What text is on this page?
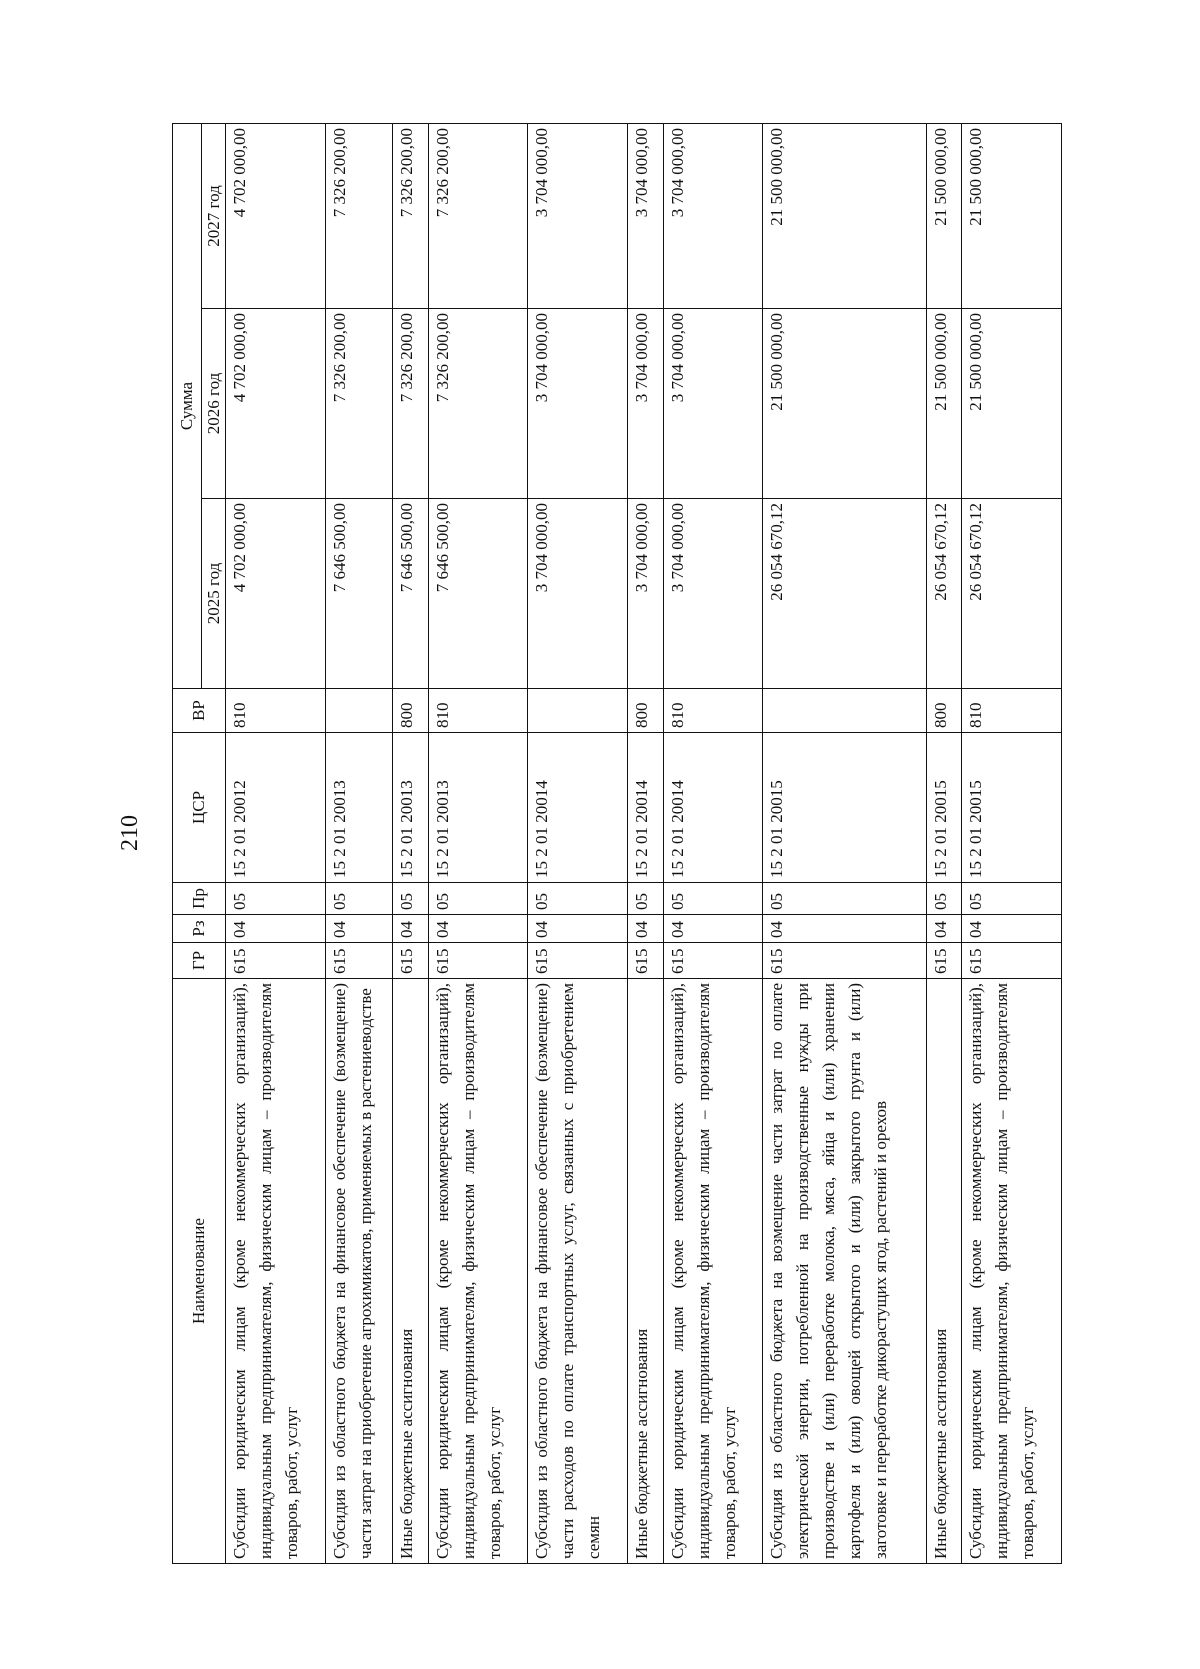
210
Наименование	ГР	Рз	Пр	ЦСР	ВР	Сумма		
						2025 год	2026 год	2027 год
Субсидии юридическим лицам (кроме некоммерческих организаций), индивидуальным предпринимателям, физическим лицам – производителям товаров, работ, услуг	615	04	05	15 2 01 20012	810	4 702 000,00	4 702 000,00	4 702 000,00
Субсидия из областного бюджета на финансовое обеспечение (возмещение) части затрат на приобретение агрохимикатов, применяемых в растениеводстве	615	04	05	15 2 01 20013		7 646 500,00	7 326 200,00	7 326 200,00
Иные бюджетные ассигнования	615	04	05	15 2 01 20013	800	7 646 500,00	7 326 200,00	7 326 200,00
Субсидии юридическим лицам (кроме некоммерческих организаций), индивидуальным предпринимателям, физическим лицам – производителям товаров, работ, услуг	615	04	05	15 2 01 20013	810	7 646 500,00	7 326 200,00	7 326 200,00
Субсидия из областного бюджета на финансовое обеспечение (возмещение) части расходов по оплате транспортных услуг, связанных с приобретением семян	615	04	05	15 2 01 20014		3 704 000,00	3 704 000,00	3 704 000,00
Иные бюджетные ассигнования	615	04	05	15 2 01 20014	800	3 704 000,00	3 704 000,00	3 704 000,00
Субсидии юридическим лицам (кроме некоммерческих организаций), индивидуальным предпринимателям, физическим лицам – производителям товаров, работ, услуг	615	04	05	15 2 01 20014	810	3 704 000,00	3 704 000,00	3 704 000,00
Субсидия из областного бюджета на возмещение части затрат по оплате электрической энергии, потребленной на производственные нужды при производстве и (или) переработке молока, мяса, яйца и (или) хранении картофеля и (или) овощей открытого и (или) закрытого грунта и (или) заготовке и переработке дикорастущих ягод, растений и орехов	615	04	05	15 2 01 20015		26 054 670,12	21 500 000,00	21 500 000,00
Иные бюджетные ассигнования	615	04	05	15 2 01 20015	800	26 054 670,12	21 500 000,00	21 500 000,00
Субсидии юридическим лицам (кроме некоммерческих организаций), индивидуальным предпринимателям, физическим лицам – производителям товаров, работ, услуг	615	04	05	15 2 01 20015	810	26 054 670,12	21 500 000,00	21 500 000,00
